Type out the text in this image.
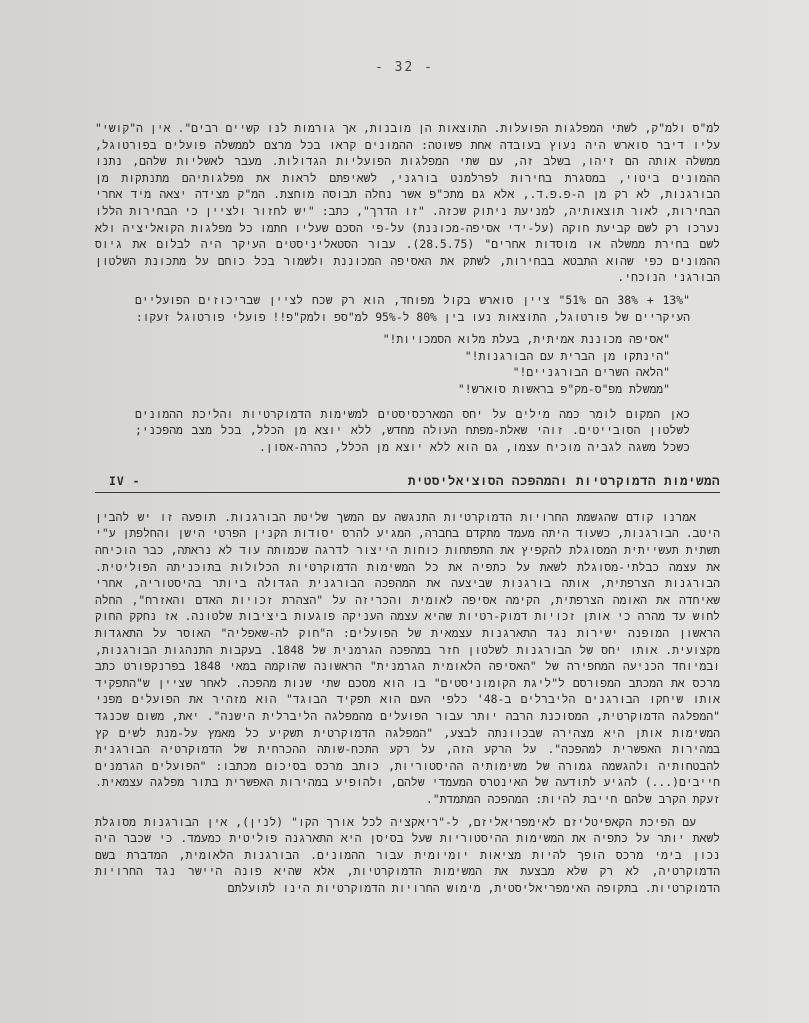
- 32 -

למ"ס ולמ"ק, לשתי המפלגות הפועלות. התוצאות הן מובנות, אך גורמות לנו קשיים רבים". אין ה"קושי" עליו דיבר סוארש היה נעוץ בעובדה אחת פשוטה: ההמונים קראו בכל מרצם לממשלה פועלים בפורטוגל, ממשלה אותה הם זיהו, בשלב זה, עם שתי המפלגות הפועליות הגדולות. מעבר לאשליות שלהם, נתנו ההמונים ביטוי, במסגרת בחירות לפרלמנט בורגני, לשאיפתם לראות את מפלגותיהם מתנתקות מן הבורגנות, לא רק מן ה-פ.פ.ד., אלא גם מתכ"פ אשר נחלה תבוסה מוחצת. המ"ק מצידה יצאה מיד אחרי הבחירות, לאור תוצאותיה, למניעת ניתוק שכזה. "זו הדרך", כתב: "יש לחזור ולציין כי הבחירות הללו נערכו רק לשם קביעת חוקה (על-ידי אסיפה-מכוננת) על-פי הסכם שעליו חתמו כל מפלגות הקואליציה ולא לשם בחירת ממשלה או מוסדות אחרים" (28.5.75). עבור הסטאליניסטים העיקר היה לבלום את גיוס ההמונים כפי שהוא התבטא בבחירות, לשתק את האסיפה המכוננת ולשמור בכל כוחם על מתכונת השלטון הבורגני הנוכחי.

"13% + 38% הם 51%" ציין סוארש בקול מפוחד, הוא רק שכח לציין שבריכוזים הפועליים העיקריים של פורטוגל, התוצאות נעו בין 80% ל-95% למ"ספ ולמק"פ!! פועלי פורטוגל זעקו:

"אסיפה מכוננת אמיתית, בעלת מלוא הסמכויות!"
"הינתקו מן הברית עם הבורגנות!"
"הלאה השרים הבורגניים!"
"ממשלת מפ"ס-מק"פ בראשות סוארש!"

כאן המקום לומר כמה מילים על יחס המארכסיסטים למשימות הדמוקרטיות והליכת ההמונים לשלטון הסובייטים. זוהי שאלת-מפתח העולה מחדש, ללא יוצא מן הכלל, בכל מצב מהפכני; כשכל משגה לגביה מוכיח עצמו, גם הוא ללא יוצא מן הכלל, כהרה-אסון.

המשימות הדמוקרטיות והמהפכה הסוציאליסטית
IV -

אמרנו קודם שהגשמת החרויות הדמוקרטיות התנגשה עם המשך שליטת הבורגנות. תופעה זו יש להבין היטב. הבורגנות, כשעוד היתה מעמד מתקדם בחברה, המגיע להרס יסודות הקנין הפרטי הישן והחלפתן ע"י תשתית תעשייתית המסוגלת להקפיץ את התפתחות כוחות הייצור לדרגה שכמותה עוד לא נראתה, כבר הוכיחה את עצמה כבלתי-מסוגלת לשאת על כתפיה את כל המשימות הדמוקרטיות הכלולות בתוכניתה הפוליטית. הבורגנות הצרפתית, אותה בורגנות שביצעה את המהפכה הבורגנית הגדולה ביותר בהיסטוריה, אחרי שאיחדה את האומה הצרפתית, הקימה אסיפה לאומית והכריזה על "הצהרת זכויות האדם והאזרח", החלה לחוש עד מהרה כי אותן זכויות דמוק-רטיות שהיא עצמה העניקה פוגעות ביציבות שלטונה. אז נחקק החוק הראשון המופנה ישירות נגד התארגנות עצמאית של הפועלים: ה"חוק לה-שאפליה" האוסר על התאגדות מקצועית. אותו יחס של הבורגנות לשלטון חזר במהפכה הגרמנית של 1848. בעקבות התנהגות הבורגנות, ובמיוחד הכניעה המחפירה של "האסיפה הלאומית הגרמנית" הראשונה שהוקמה במאי 1848 בפרנקפורט כתב מרכס את המכתב המפורסם ל"ליגת הקומוניסטים" בו הוא מסכם שתי שנות מהפכה. לאחר שציין ש"התפקיד אותו שיחקו הבורגנים הליברלים ב-48' כלפי העם הוא תפקיד הבוגד" הוא מזהיר את הפועלים מפני "המפלגה הדמוקרטית, המסוכנת הרבה יותר עבור הפועלים מהמפלגה הליברלית הישנה". יאת, משום שכנגד המשימות אותן היא מצהירה שבכוונתה לבצע, "המפלגה הדמוקרטית תשקיע כל מאמץ על-מנת לשים קץ במהירות האפשרית למהפכה". על הרקע הזה, על רקע התכח-שותה ההכרחית של הדמוקרטיה הבורגנית להבטחותיה ולהגשמה גמורה של משימותיה ההיסטוריות, כותב מרכס בסיכום מכתבו: "הפועלים הגרמנים חייבים(...) להגיע לתודעה של האינטרס המעמדי שלהם, ולהופיע במהירות האפשרית בתור מפלגה עצמאית. זעקת הקרב שלהם חייבת להיות: המהפכה המתמדת".

עם הפיכת הקאפיטליזם לאימפריאליזם, ל-"ריאקציה לכל אורך הקו" (לנין), אין הבורגנות מסוגלת לשאת יותר על כתפיה את המשימות ההיסטוריות שעל בסיסן היא התארגנה פוליטית כמעמד. כי שכבר היה נכון בימי מרכס הופך להיות מציאות יומיומית עבור ההמונים. הבורגנות הלאומית, המדברת בשם הדמוקרטיה, לא רק שלא מבצעת את המשימות הדמוקרטיות, אלא שהיא פונה היישר נגד החרויות הדמוקרטיות. בתקופה האימפריאליסטית, מימוש החרויות הדמוקרטיות הינו לתועלתם
